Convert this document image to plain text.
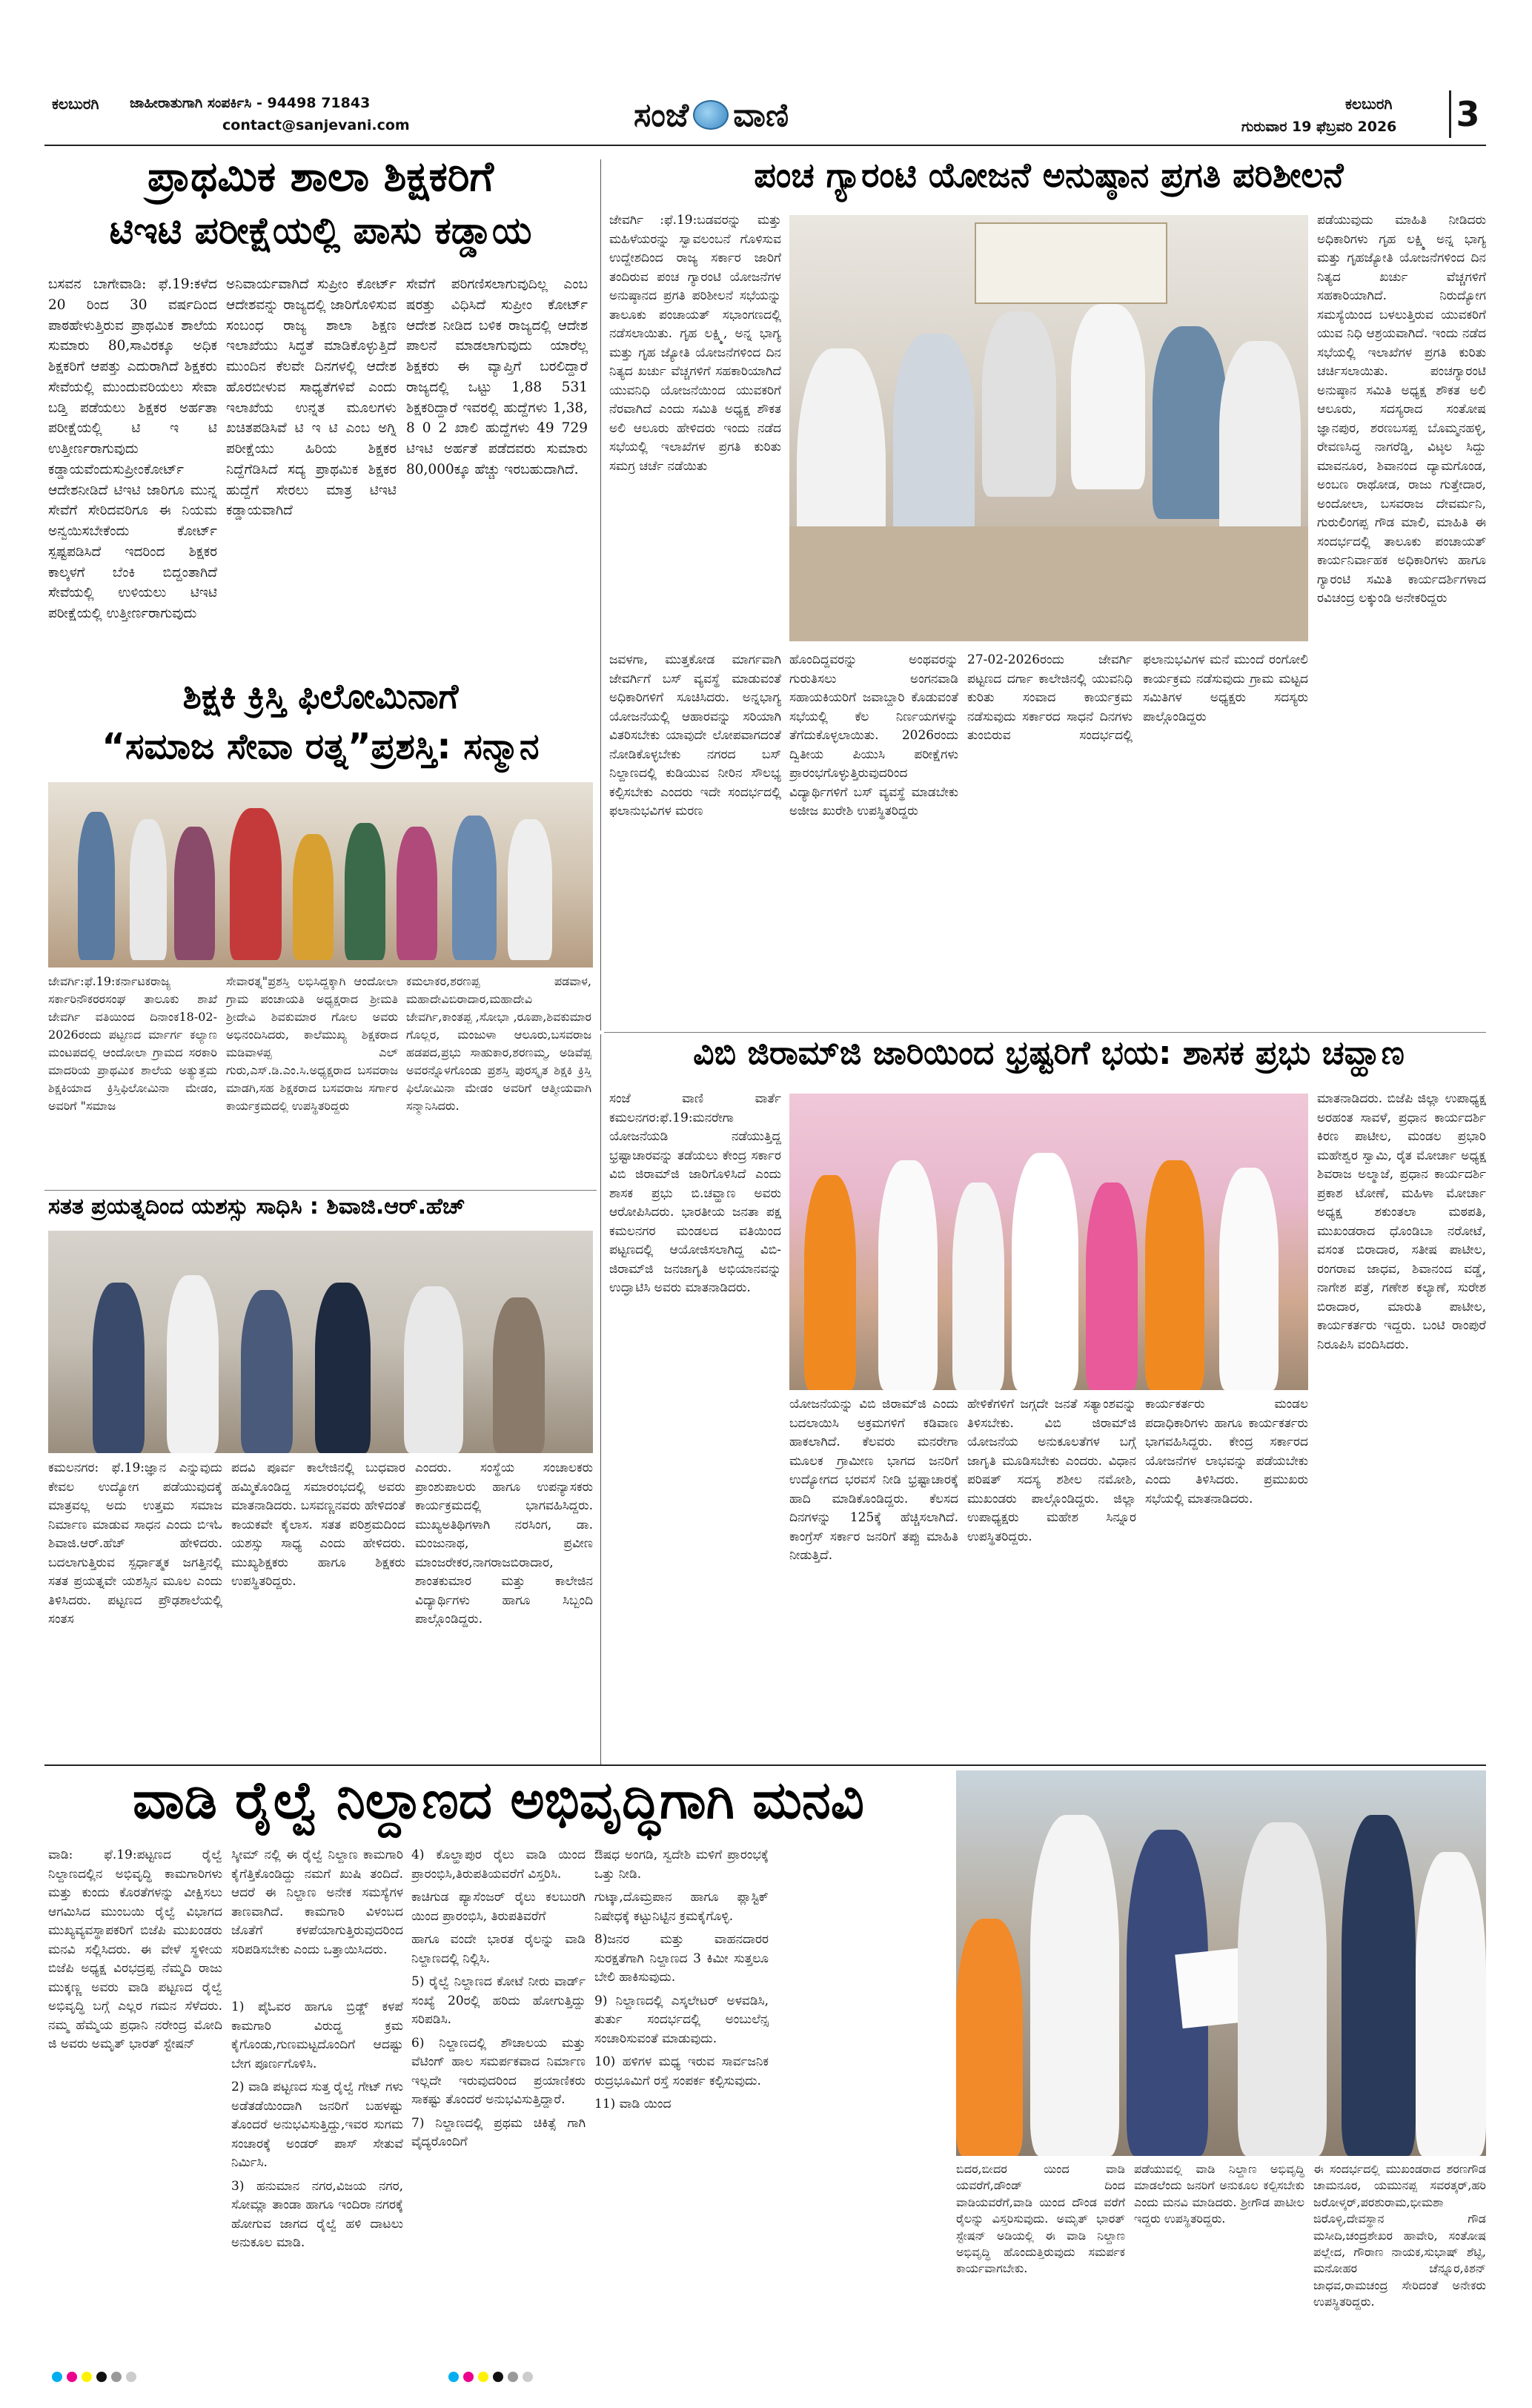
ಕಲಬುರಗಿ ಜಾಹೀರಾತುಗಾಗಿ ಸಂಪರ್ಕಿಸಿ - 94498 71843
contact@sanjevani.com	ಸಂಜೆ ವಾಣಿ	ಕಲಬುರಗಿ
ಗುರುವಾರ 19 ಫೆಬ್ರವರಿ 2026 3
ಪ್ರಾಥಮಿಕ ಶಾಲಾ ಶಿಕ್ಷಕರಿಗೆ
ಟಿಇಟಿ ಪರೀಕ್ಷೆಯಲ್ಲಿ ಪಾಸು ಕಡ್ಡಾಯ
ಬಸವನ ಬಾಗೇವಾಡಿ: ಫೆ.19:ಕಳೆದ 20 ರಿಂದ 30 ವರ್ಷದಿಂದ ಪಾಠಹೇಳುತ್ತಿರುವ ಪ್ರಾಥಮಿಕ ಶಾಲೆಯ ಸುಮಾರು 80,ಸಾವಿರಕ್ಕೂ ಅಧಿಕ ಶಿಕ್ಷಕರಿಗೆ ಆಪತ್ತು ಎದುರಾಗಿದೆ ಶಿಕ್ಷಕರು ಸೇವೆಯಲ್ಲಿ ಮುಂದುವರಿಯಲು ಸೇವಾ ಬಡ್ತಿ ಪಡೆಯಲು ಶಿಕ್ಷಕರ ಅರ್ಹತಾ ಪರೀಕ್ಷೆಯಲ್ಲಿ ಟಿ ಇ ಟಿ ಉತ್ತೀರ್ಣರಾಗುವುದು ಕಡ್ಡಾಯವೆಂದುಸುಪ್ರೀಂಕೋರ್ಟ್ ಆದೇಶನೀಡಿದೆ ಟಿಇಟಿ ಜಾರಿಗೂ ಮುನ್ನ ಸೇವೆಗೆ ಸೇರಿದವರಿಗೂ ಈ ನಿಯಮ ಅನ್ವಯಿಸಬೇಕೆಂದು ಕೋರ್ಟ್ ಸ್ಪಷ್ಟಪಡಿಸಿದೆ ಇದರಿಂದ ಶಿಕ್ಷಕರ ಕಾಲ್ಕಳಗೆ ಬೆಂಕಿ ಬಿದ್ದಂತಾಗಿದೆ ಸೇವೆಯಲ್ಲಿ ಉಳಿಯಲು ಟಿಇಟಿ ಪರೀಕ್ಷೆಯಲ್ಲಿ ಉತ್ತೀರ್ಣರಾಗುವುದು
ಅನಿವಾರ್ಯವಾಗಿದೆ ಸುಪ್ರೀಂ ಕೋರ್ಟ್ ಆದೇಶವನ್ನು ರಾಜ್ಯದಲ್ಲಿ ಜಾರಿಗೊಳಿಸುವ ಸಂಬಂಧ ರಾಜ್ಯ ಶಾಲಾ ಶಿಕ್ಷಣ ಇಲಾಖೆಯು ಸಿದ್ಧತೆ ಮಾಡಿಕೊಳ್ಳುತ್ತಿದೆ ಮುಂದಿನ ಕೆಲವೇ ದಿನಗಳಲ್ಲಿ ಆದೇಶ ಹೊರಬೀಳುವ ಸಾಧ್ಯತೆಗಳಿವೆ ಎಂದು ಇಲಾಖೆಯ ಉನ್ನತ ಮೂಲಗಳು ಖಚಿತಪಡಿಸಿವೆ ಟಿ ಇ ಟಿ ಎಂಬ ಅಗ್ನಿ ಪರೀಕ್ಷೆಯು ಹಿರಿಯ ಶಿಕ್ಷಕರ ನಿದ್ದೆಗೆಡಿಸಿದೆ ಸದ್ಯ ಪ್ರಾಥಮಿಕ ಶಿಕ್ಷಕರ ಹುದ್ದೆಗೆ ಸೇರಲು ಮಾತ್ರ ಟಿಇಟಿ ಕಡ್ಡಾಯವಾಗಿದೆ
ಸೇವೆಗೆ ಪರಿಗಣಿಸಲಾಗುವುದಿಲ್ಲ ಎಂಬ ಷರತ್ತು ವಿಧಿಸಿದೆ ಸುಪ್ರೀಂ ಕೋರ್ಟ್ ಆದೇಶ ನೀಡಿದ ಬಳಿಕ ರಾಜ್ಯದಲ್ಲಿ ಆದೇಶ ಪಾಲನೆ ಮಾಡಲಾಗುವುದು ಯಾರೆಲ್ಲ ಶಿಕ್ಷಕರು ಈ ವ್ಯಾಪ್ತಿಗೆ ಬರಲಿದ್ದಾರೆ ರಾಜ್ಯದಲ್ಲಿ ಒಟ್ಟು 1,88 531 ಶಿಕ್ಷಕರಿದ್ದಾರೆ ಇವರಲ್ಲಿ ಹುದ್ದೆಗಳು 1,38, 8 0 2 ಖಾಲಿ ಹುದ್ದೆಗಳು 49 729 ಟಿಇಟಿ ಅರ್ಹತೆ ಪಡೆದವರು ಸುಮಾರು 80,000ಕ್ಕೂ ಹೆಚ್ಚು ಇರಬಹುದಾಗಿದೆ.
ಶಿಕ್ಷಕಿ ಕ್ರಿಸ್ತಿ ಫಿಲೋಮಿನಾಗೆ
“ಸಮಾಜ ಸೇವಾ ರತ್ನ”ಪ್ರಶಸ್ತಿ: ಸನ್ಮಾನ
ಜೇವರ್ಗಿ:ಫೆ.19:ಕರ್ನಾಟಕರಾಜ್ಯ ಸರ್ಕಾರಿನೌಕರರಸಂಘ ತಾಲೂಕು ಶಾಖೆ ಜೇವರ್ಗಿ ವತಿಯಿಂದ ದಿನಾಂಕ18-02-2026ರಂದು ಪಟ್ಟಣದ ರ್ಮಾರ್ಗ ಕಲ್ಯಾಣ ಮಂಟಪದಲ್ಲಿ ಆಂದೋಲಾ ಗ್ರಾಮದ ಸರಕಾರಿ ಮಾದರಿಯ ಪ್ರಾಥಮಿಕ ಶಾಲೆಯ ಅತ್ಯುತ್ತಮ ಶಿಕ್ಷಕಿಯಾದ ಕ್ರಿಸ್ತಿಫಿಲೋಮಿನಾ ಮೇಡಂ, ಅವರಿಗೆ "ಸಮಾಜ
ಸೇವಾರತ್ನ"ಪ್ರಶಸ್ತಿ ಲಭಿಸಿದ್ದಕ್ಕಾಗಿ ಆಂದೋಲಾ ಗ್ರಾಮ ಪಂಚಾಯತಿ ಅಧ್ಯಕ್ಷರಾದ ಶ್ರೀಮತಿ ಶ್ರೀದೇವಿ ಶಿವಕುಮಾರ ಗೋಲ ಅವರು ಅಭಿನಂದಿಸಿದರು, ಕಾಲೆಮುಖ್ಯ ಶಿಕ್ಷಕರಾದ ಮಡಿವಾಳಪ್ಪ ಎಲ್ ಗುರು,ಎಸ್.ಡಿ.ಎಂ.ಸಿ.ಅಧ್ಯಕ್ಷರಾದ ಬಸವರಾಜ ಮಾಡಗಿ,ಸಹ ಶಿಕ್ಷಕರಾದ ಬಸವರಾಜ ಸರ್ಗಾರ ಕಾರ್ಯಕ್ರಮದಲ್ಲಿ ಉಪಸ್ಥಿತರಿದ್ದರು
ಕಮಲಾಕರ,ಶರಣಪ್ಪ ಪಡವಾಳ, ಮಹಾದೇವಿಬಿರಾದಾರ,ಮಹಾದೇವಿ ಜೇವರ್ಗಿ,ಕಾಂತಪ್ಪ ,ಸೋಭಾ ,ರೂಪಾ,ಶಿವಕುಮಾರ ಗೊಲ್ಲರ, ಮಂಜುಳಾ ಆಲೂರು,ಬಸವರಾಜ ಹಡಪದ,ಪ್ರಭು ಸಾಹುಕಾರ,ಶರಣಮ್ಮ, ಅಡಿವೆಪ್ಪ ಅವರನ್ನೊಳಗೊಂಡು ಪ್ರಶಸ್ತಿ ಪುರಸ್ಕೃತ ಶಿಕ್ಷಕಿ ಕ್ರಿಸ್ತಿ ಫಿಲೋಮಿನಾ ಮೇಡಂ ಅವರಿಗೆ ಆತ್ಮೀಯವಾಗಿ ಸನ್ಮಾನಿಸಿದರು.
ಸತತ ಪ್ರಯತ್ನದಿಂದ ಯಶಸ್ಸು ಸಾಧಿಸಿ : ಶಿವಾಜಿ.ಆರ್.ಹೆಚ್
ಕಮಲನಗರ: ಫೆ.19:ಜ್ಞಾನ ಎನ್ನುವುದು ಕೇವಲ ಉದ್ಯೋಗ ಪಡೆಯುವುದಕ್ಕೆ ಮಾತ್ರವಲ್ಲ ಅದು ಉತ್ತಮ ಸಮಾಜ ನಿರ್ಮಾಣ ಮಾಡುವ ಸಾಧನ ಎಂದು ಬಿಇಓ ಶಿವಾಜಿ.ಆರ್.ಹೆಚ್ ಹೇಳಿದರು. ಬದಲಾಗುತ್ತಿರುವ ಸ್ಪರ್ಧಾತ್ಮಕ ಜಗತ್ತಿನಲ್ಲಿ ಸತತ ಪ್ರಯತ್ನವೇ ಯಶಸ್ಸಿನ ಮೂಲ ಎಂದು ತಿಳಿಸಿದರು. ಪಟ್ಟಣದ ಪ್ರೌಢಶಾಲೆಯಲ್ಲಿ ಸಂತಸ
ಪದವಿ ಪೂರ್ವ ಕಾಲೇಜಿನಲ್ಲಿ ಬುಧವಾರ ಹಮ್ಮಿಕೊಂಡಿದ್ದ ಸಮಾರಂಭದಲ್ಲಿ ಅವರು ಮಾತನಾಡಿದರು. ಬಸವಣ್ಣನವರು ಹೇಳಿದಂತೆ ಕಾಯಕವೇ ಕೈಲಾಸ. ಸತತ ಪರಿಶ್ರಮದಿಂದ ಯಶಸ್ಸು ಸಾಧ್ಯ ಎಂದು ಹೇಳಿದರು. ಮುಖ್ಯಶಿಕ್ಷಕರು ಹಾಗೂ ಶಿಕ್ಷಕರು ಉಪಸ್ಥಿತರಿದ್ದರು.
ಎಂದರು. ಸಂಸ್ಥೆಯ ಸಂಚಾಲಕರು ಪ್ರಾಂಶುಪಾಲರು ಹಾಗೂ ಉಪನ್ಯಾಸಕರು ಕಾರ್ಯಕ್ರಮದಲ್ಲಿ ಭಾಗವಹಿಸಿದ್ದರು. ಮುಖ್ಯಅತಿಥಿಗಳಾಗಿ ನರಸಿಂಗ, ಡಾ. ಮಂಜುನಾಥ, ಪ್ರವೀಣ ಮಾಂಜರೇಕರ,ನಾಗರಾಜಬಿರಾದಾರ, ಶಾಂತಕುಮಾರ ಮತ್ತು ಕಾಲೇಜಿನ ವಿದ್ಯಾರ್ಥಿಗಳು ಹಾಗೂ ಸಿಬ್ಬಂದಿ ಪಾಲ್ಗೊಂಡಿದ್ದರು.
ಪಂಚ ಗ್ಯಾರಂಟಿ ಯೋಜನೆ ಅನುಷ್ಠಾನ ಪ್ರಗತಿ ಪರಿಶೀಲನೆ
ಜೇವರ್ಗಿ :ಫೆ.19:ಬಡವರನ್ನು ಮತ್ತು ಮಹಿಳೆಯರನ್ನು ಸ್ವಾವಲಂಬನೆ ಗೊಳಿಸುವ ಉದ್ದೇಶದಿಂದ ರಾಜ್ಯ ಸರ್ಕಾರ ಜಾರಿಗೆ ತಂದಿರುವ ಪಂಚ ಗ್ಯಾರಂಟಿ ಯೋಜನೆಗಳ ಅನುಷ್ಠಾನದ ಪ್ರಗತಿ ಪರಿಶೀಲನೆ ಸಭೆಯನ್ನು ತಾಲೂಕು ಪಂಚಾಯತ್ ಸಭಾಂಗಣದಲ್ಲಿ ನಡೆಸಲಾಯಿತು. ಗೃಹ ಲಕ್ಷ್ಮಿ, ಅನ್ನ ಭಾಗ್ಯ ಮತ್ತು ಗೃಹ ಜ್ಯೋತಿ ಯೋಜನೆಗಳಿಂದ ದಿನ ನಿತ್ಯದ ಖರ್ಚು ವೆಚ್ಚಗಳಿಗೆ ಸಹಕಾರಿಯಾಗಿದೆ ಯುವನಿಧಿ ಯೋಜನೆಯಿಂದ ಯುವಕರಿಗೆ ನೆರವಾಗಿದೆ ಎಂದು ಸಮಿತಿ ಅಧ್ಯಕ್ಷ ಶೌಕತ ಅಲಿ ಆಲೂರು ಹೇಳಿದರು ಇಂದು ನಡೆದ ಸಭೆಯಲ್ಲಿ ಇಲಾಖೆಗಳ ಪ್ರಗತಿ ಕುರಿತು ಸಮಗ್ರ ಚರ್ಚೆ ನಡೆಯಿತು
ಪಡೆಯುವುದು ಮಾಹಿತಿ ನೀಡಿದರು ಅಧಿಕಾರಿಗಳು ಗೃಹ ಲಕ್ಷ್ಮಿ ಅನ್ನ ಭಾಗ್ಯ ಮತ್ತು ಗೃಹಜ್ಯೋತಿ ಯೋಜನೆಗಳಿಂದ ದಿನ ನಿತ್ಯದ ಖರ್ಚು ವೆಚ್ಚಗಳಿಗೆ ಸಹಕಾರಿಯಾಗಿದೆ. ನಿರುದ್ಯೋಗ ಸಮಸ್ಯೆಯಿಂದ ಬಳಲುತ್ತಿರುವ ಯುವಕರಿಗೆ ಯುವ ನಿಧಿ ಆಶ್ರಯವಾಗಿದೆ. ಇಂದು ನಡೆದ ಸಭೆಯಲ್ಲಿ ಇಲಾಖೆಗಳ ಪ್ರಗತಿ ಕುರಿತು ಚರ್ಚಿಸಲಾಯಿತು. ಪಂಚಗ್ಯಾರಂಟಿ ಅನುಷ್ಠಾನ ಸಮಿತಿ ಅಧ್ಯಕ್ಷ ಶೌಕತ ಅಲಿ ಆಲೂರು, ಸದಸ್ಯರಾದ ಸಂತೋಷ ಜ್ಞಾನಪುರ, ಶರಣಬಸಪ್ಪ ಬೊಮ್ಮನಹಳ್ಳಿ, ರೇವಣಸಿದ್ಧ ನಾಗರೆಡ್ಡಿ, ವಿಟ್ಠಲ ಸಿದ್ದು ಮಾವನೂರ, ಶಿವಾನಂದ ದ್ಯಾಮಗೊಂಡ, ಅಂಬಣ ರಾಥೋಡ, ರಾಜು ಗುತ್ತೇದಾರ, ಅಂದೋಲಾ, ಬಸವರಾಜ ದೇವರ್ಮನಿ, ಗುರುಲಿಂಗಪ್ಪ ಗೌಡ ಮಾಲಿ, ಮಾಹಿತಿ ಈ ಸಂದರ್ಭದಲ್ಲಿ ತಾಲೂಕು ಪಂಚಾಯತ್ ಕಾರ್ಯನಿರ್ವಾಹಕ ಅಧಿಕಾರಿಗಳು ಹಾಗೂ ಗ್ಯಾರಂಟಿ ಸಮಿತಿ ಕಾರ್ಯದರ್ಶಿಗಳಾದ ರವಿಚಂದ್ರ ಲಕ್ಕುಂಡಿ ಅನೇಕರಿದ್ದರು
ಜವಳಗಾ, ಮುತ್ತಕೋಡ ಮಾರ್ಗವಾಗಿ ಜೇವರ್ಗಿಗೆ ಬಸ್ ವ್ಯವಸ್ಥೆ ಮಾಡುವಂತೆ ಅಧಿಕಾರಿಗಳಿಗೆ ಸೂಚಿಸಿದರು. ಅನ್ನಭಾಗ್ಯ ಯೋಜನೆಯಲ್ಲಿ ಆಹಾರವನ್ನು ಸರಿಯಾಗಿ ವಿತರಿಸಬೇಕು ಯಾವುದೇ ಲೋಪವಾಗದಂತೆ ನೋಡಿಕೊಳ್ಳಬೇಕು ನಗರದ ಬಸ್ ನಿಲ್ದಾಣದಲ್ಲಿ ಕುಡಿಯುವ ನೀರಿನ ಸೌಲಭ್ಯ ಕಲ್ಪಿಸಬೇಕು ಎಂದರು ಇದೇ ಸಂದರ್ಭದಲ್ಲಿ ಫಲಾನುಭವಿಗಳ ಮರಣ
ಹೊಂದಿದ್ದವರನ್ನು ಅಂಥವರನ್ನು ಗುರುತಿಸಲು ಅಂಗನವಾಡಿ ಸಹಾಯಕಿಯರಿಗೆ ಜವಾಬ್ದಾರಿ ಕೊಡುವಂತೆ ಸಭೆಯಲ್ಲಿ ಕೆಲ ನಿರ್ಣಯಗಳನ್ನು ತೆಗೆದುಕೊಳ್ಳಲಾಯಿತು. 2026ರಂದು ದ್ವಿತೀಯ ಪಿಯುಸಿ ಪರೀಕ್ಷೆಗಳು ಪ್ರಾರಂಭಗೊಳ್ಳುತ್ತಿರುವುದರಿಂದ ವಿದ್ಯಾರ್ಥಿಗಳಿಗೆ ಬಸ್ ವ್ಯವಸ್ಥೆ ಮಾಡಬೇಕು ಅಜೀಜ ಖುರೇಶಿ ಉಪಸ್ಥಿತರಿದ್ದರು
27-02-2026ರಂದು ಜೇವರ್ಗಿ ಪಟ್ಟಣದ ದರ್ಗಾ ಕಾಲೇಜಿನಲ್ಲಿ ಯುವನಿಧಿ ಕುರಿತು ಸಂವಾದ ಕಾರ್ಯಕ್ರಮ ನಡೆಸುವುದು ಸರ್ಕಾರದ ಸಾಧನೆ ದಿನಗಳು ತುಂಬಿರುವ ಸಂದರ್ಭದಲ್ಲಿ ಫಲಾನುಭವಿಗಳ ಮನೆ ಮುಂದೆ ರಂಗೋಲಿ ಕಾರ್ಯಕ್ರಮ ನಡೆಸುವುದು ಗ್ರಾಮ ಮಟ್ಟದ ಸಮಿತಿಗಳ ಅಧ್ಯಕ್ಷರು ಸದಸ್ಯರು ಪಾಲ್ಗೊಂಡಿದ್ದರು
ವಿಬಿ ಜಿರಾಮ್‌ಜಿ ಜಾರಿಯಿಂದ ಭ್ರಷ್ಟರಿಗೆ ಭಯ: ಶಾಸಕ ಪ್ರಭು ಚವ್ಹಾಣ
ಸಂಜೆ ವಾಣಿ ವಾರ್ತೆ ಕಮಲನಗರ:ಫೆ.19:ಮನರೇಗಾ ಯೋಜನೆಯಡಿ ನಡೆಯುತ್ತಿದ್ದ ಭ್ರಷ್ಟಾಚಾರವನ್ನು ತಡೆಯಲು ಕೇಂದ್ರ ಸರ್ಕಾರ ವಿಬಿ ಜಿರಾಮ್‌ಜಿ ಜಾರಿಗೊಳಿಸಿದೆ ಎಂದು ಶಾಸಕ ಪ್ರಭು ಬಿ.ಚವ್ಹಾಣ ಅವರು ಆರೋಪಿಸಿದರು. ಭಾರತೀಯ ಜನತಾ ಪಕ್ಷ ಕಮಲನಗರ ಮಂಡಲದ ವತಿಯಿಂದ ಪಟ್ಟಣದಲ್ಲಿ ಆಯೋಜಿಸಲಾಗಿದ್ದ ವಿಬಿ-ಜಿರಾಮ್‌ಜಿ ಜನಜಾಗೃತಿ ಅಭಿಯಾನವನ್ನು ಉದ್ಘಾಟಿಸಿ ಅವರು ಮಾತನಾಡಿದರು.
ಯೋಜನೆಯನ್ನು ವಿಬಿ ಜಿರಾಮ್‌ಜಿ ಎಂದು ಬದಲಾಯಿಸಿ ಅಕ್ರಮಗಳಿಗೆ ಕಡಿವಾಣ ಹಾಕಲಾಗಿದೆ. ಕೆಲವರು ಮನರೇಗಾ ಮೂಲಕ ಗ್ರಾಮೀಣ ಭಾಗದ ಜನರಿಗೆ ಉದ್ಯೋಗದ ಭರವಸೆ ನೀಡಿ ಭ್ರಷ್ಟಾಚಾರಕ್ಕೆ ಹಾದಿ ಮಾಡಿಕೊಂಡಿದ್ದರು. ಕೆಲಸದ ದಿನಗಳನ್ನು 125ಕ್ಕೆ ಹೆಚ್ಚಿಸಲಾಗಿದೆ. ಕಾಂಗ್ರೆಸ್ ಸರ್ಕಾರ ಜನರಿಗೆ ತಪ್ಪು ಮಾಹಿತಿ ನೀಡುತ್ತಿದೆ.
ಹೇಳಿಕೆಗಳಿಗೆ ಜಗ್ಗದೇ ಜನತೆ ಸತ್ಯಾಂಶವನ್ನು ತಿಳಿಸಬೇಕು. ವಿಬಿ ಜಿರಾಮ್‌ಜಿ ಯೋಜನೆಯ ಅನುಕೂಲತೆಗಳ ಬಗ್ಗೆ ಜಾಗೃತಿ ಮೂಡಿಸಬೇಕು ಎಂದರು. ವಿಧಾನ ಪರಿಷತ್ ಸದಸ್ಯ ಶಶೀಲ ನಮೋಶಿ, ಮುಖಂಡರು ಪಾಲ್ಗೊಂಡಿದ್ದರು. ಜಿಲ್ಲಾ ಉಪಾಧ್ಯಕ್ಷರು ಮಹೇಶ ಸಿನ್ನೂರ ಉಪಸ್ಥಿತರಿದ್ದರು.
ಕಾರ್ಯಕರ್ತರು ಮಂಡಲ ಪದಾಧಿಕಾರಿಗಳು ಹಾಗೂ ಕಾರ್ಯಕರ್ತರು ಭಾಗವಹಿಸಿದ್ದರು. ಕೇಂದ್ರ ಸರ್ಕಾರದ ಯೋಜನೆಗಳ ಲಾಭವನ್ನು ಪಡೆಯಬೇಕು ಎಂದು ತಿಳಿಸಿದರು. ಪ್ರಮುಖರು ಸಭೆಯಲ್ಲಿ ಮಾತನಾಡಿದರು.
ಮಾತನಾಡಿದರು. ಬಿಜೆಪಿ ಜಿಲ್ಲಾ ಉಪಾಧ್ಯಕ್ಷ ಅರಹಂತ ಸಾವಳೆ, ಪ್ರಧಾನ ಕಾರ್ಯದರ್ಶಿ ಕಿರಣ ಪಾಟೀಲ, ಮಂಡಲ ಪ್ರಭಾರಿ ಮಹೇಶ್ವರ ಸ್ವಾಮಿ, ರೈತ ಮೋರ್ಚಾ ಅಧ್ಯಕ್ಷ ಶಿವರಾಜ ಅಲ್ಮಾಜೆ, ಪ್ರಧಾನ ಕಾರ್ಯದರ್ಶಿ ಪ್ರಕಾಶ ಟೋಣೆ, ಮಹಿಳಾ ಮೋರ್ಚಾ ಅಧ್ಯಕ್ಷ ಶಕುಂತಲಾ ಮಠಪತಿ, ಮುಖಂಡರಾದ ಧೊಂಡಿಬಾ ನರೋಟೆ, ವಸಂತ ಬಿರಾದಾರ, ಸತೀಷ ಪಾಟೀಲ, ರಂಗರಾವ ಜಾಧವ, ಶಿವಾನಂದ ವಡ್ಡೆ, ನಾಗೇಶ ಪತ್ರೆ, ಗಣೇಶ ಕಲ್ಯಾಣೆ, ಸುರೇಶ ಬಿರಾದಾರ, ಮಾರುತಿ ಪಾಟೀಲ, ಕಾರ್ಯಕರ್ತರು ಇದ್ದರು. ಬಂಟಿ ರಾಂಪುರೆ ನಿರೂಪಿಸಿ ವಂದಿಸಿದರು.
ವಾಡಿ ರೈಲ್ವೆ ನಿಲ್ದಾಣದ ಅಭಿವೃದ್ಧಿಗಾಗಿ ಮನವಿ
ವಾಡಿ: ಫೆ.19:ಪಟ್ಟಣದ ರೈಲ್ವೆ ನಿಲ್ದಾಣದಲ್ಲಿನ ಅಭಿವೃದ್ಧಿ ಕಾಮಗಾರಿಗಳು ಮತ್ತು ಕುಂದು ಕೊರತೆಗಳನ್ನು ವೀಕ್ಷಿಸಲು ಆಗಮಿಸಿದ ಮುಂಬಯಿ ರೈಲ್ವೆ ವಿಭಾಗದ ಮುಖ್ಯವ್ಯವಸ್ಥಾಪಕರಿಗೆ ಬಿಜೆಪಿ ಮುಖಂಡರು ಮನವಿ ಸಲ್ಲಿಸಿದರು. ಈ ವೇಳೆ ಸ್ಥಳೀಯ ಬಿಜೆಪಿ ಅಧ್ಯಕ್ಷ ವಿರಭದ್ರಪ್ಪ ನೆಮ್ಮದಿ ರಾಜು ಮುಕ್ಕಣ್ಣ ಅವರು ವಾಡಿ ಪಟ್ಟಣದ ರೈಲ್ವೆ ಅಭಿವೃದ್ಧಿ ಬಗ್ಗೆ ಎಲ್ಲರ ಗಮನ ಸೆಳೆದರು. ನಮ್ಮ ಹೆಮ್ಮೆಯ ಪ್ರಧಾನಿ ನರೇಂದ್ರ ಮೋದಿ ಜಿ ಅವರು ಅಮೃತ್ ಭಾರತ್ ಸ್ಟೇಷನ್
ಸ್ಕೀಮ್ ನಲ್ಲಿ ಈ ರೈಲ್ವೆ ನಿಲ್ದಾಣ ಕಾಮಗಾರಿ ಕೈಗೆತ್ತಿಕೊಂಡಿದ್ದು ನಮಗೆ ಖುಷಿ ತಂದಿದೆ. ಆದರೆ ಈ ನಿಲ್ದಾಣ ಅನೇಕ ಸಮಸ್ಯೆಗಳ ತಾಣವಾಗಿದೆ. ಕಾಮಗಾರಿ ವಿಳಂಬದ ಜೊತೆಗೆ ಕಳಪೆಯಾಗುತ್ತಿರುವುದರಿಂದ ಸರಿಪಡಿಸಬೇಕು ಎಂದು ಒತ್ತಾಯಿಸಿದರು.

1) ಪೈಓವರ ಹಾಗೂ ಬ್ರಿಡ್ಜ್ ಕಳಪೆ ಕಾಮಗಾರಿ ವಿರುದ್ಧ ಕ್ರಮ ಕೈಗೊಂಡು,ಗುಣಮಟ್ಟದೊಂದಿಗೆ ಆದಷ್ಟು ಬೇಗ ಪೂರ್ಣಗೊಳಿಸಿ.

2) ವಾಡಿ ಪಟ್ಟಣದ ಸುತ್ತ ರೈಲ್ವೆ ಗೇಟ್ ಗಳು ಅಡೆತಡೆಯಿಂದಾಗಿ ಜನರಿಗೆ ಬಹಳಷ್ಟು ತೊಂದರೆ ಅನುಭವಿಸುತ್ತಿದ್ದು,ಇವರ ಸುಗಮ ಸಂಚಾರಕ್ಕೆ ಅಂಡರ್ ಪಾಸ್ ಸೇತುವೆ ನಿರ್ಮಿಸಿ.

3) ಹನುಮಾನ ನಗರ,ವಿಜಯ ನಗರ, ಸೋಮ್ಲಾ ತಾಂಡಾ ಹಾಗೂ ಇಂದಿರಾ ನಗರಕ್ಕೆ ಹೋಗುವ ಜಾಗದ ರೈಲ್ವೆ ಹಳಿ ದಾಟಲು ಅನುಕೂಲ ಮಾಡಿ.

4) ಕೊಲ್ಹಾಪುರ ರೈಲು ವಾಡಿ ಯಿಂದ ಪ್ರಾರಂಭಿಸಿ,ತಿರುಪತಿಯವರೆಗೆ ವಿಸ್ತರಿಸಿ.

ಕಾಚಿಗುಡ ಪ್ಯಾಸೆಂಜರ್ ರೈಲು ಕಲಬುರಗಿ ಯಿಂದ ಪ್ರಾರಂಭಿಸಿ, ತಿರುಪತಿವರೆಗೆ

ಹಾಗೂ ವಂದೇ ಭಾರತ ರೈಲನ್ನು ವಾಡಿ ನಿಲ್ದಾಣದಲ್ಲಿ ನಿಲ್ಲಿಸಿ.

5) ರೈಲ್ವೆ ನಿಲ್ದಾಣದ ಕೋಟೆ ನೀರು ವಾರ್ಡ್ ಸಂಖ್ಯೆ 20ರಲ್ಲಿ ಹರಿದು ಹೋಗುತ್ತಿದ್ದು ಸರಿಪಡಿಸಿ.

6) ನಿಲ್ದಾಣದಲ್ಲಿ ಶೌಚಾಲಯ ಮತ್ತು ವೆಟಿಂಗ್ ಹಾಲ ಸಮರ್ಪಕವಾದ ನಿರ್ಮಾಣ ಇಲ್ಲದೇ ಇರುವುದರಿಂದ ಪ್ರಯಾಣಿಕರು ಸಾಕಷ್ಟು ತೊಂದರೆ ಅನುಭವಿಸುತ್ತಿದ್ದಾರೆ.

7) ನಿಲ್ದಾಣದಲ್ಲಿ ಪ್ರಥಮ ಚಿಕಿತ್ಸೆ ಗಾಗಿ ವೈದ್ಯರೊಂದಿಗೆ

ಔಷಧ ಅಂಗಡಿ, ಸ್ವದೇಶಿ ಮಳಿಗೆ ಪ್ರಾರಂಭಕ್ಕೆ ಒತ್ತು ನೀಡಿ.

ಗುಟ್ಕಾ,ದೊಮ್ರಪಾನ ಹಾಗೂ ಪ್ಲಾಸ್ಟಿಕ್ ನಿಷೇಧಕ್ಕೆ ಕಟ್ಟುನಿಟ್ಟಿನ ಕ್ರಮಕೈಗೊಳ್ಳಿ.

8)ಜನರ ಮತ್ತು ವಾಹನದಾರರ ಸುರಕ್ಷತೆಗಾಗಿ ನಿಲ್ದಾಣದ 3 ಕಿಮೀ ಸುತ್ತಲೂ ಬೇಲಿ ಹಾಕಿಸುವುದು.

9) ನಿಲ್ದಾಣದಲ್ಲಿ ಎಸ್ಕಲೇಟರ್ ಅಳವಡಿಸಿ, ತುರ್ತು ಸಂದರ್ಭದಲ್ಲಿ ಅಂಬುಲೆನ್ಸ ಸಂಚಾರಿಸುವಂತೆ ಮಾಡುವುದು.

10) ಹಳಿಗಳ ಮಧ್ಯ ಇರುವ ಸಾರ್ವಜನಿಕ ರುದ್ರಭೂಮಿಗೆ ರಸ್ತೆ ಸಂಪರ್ಕ ಕಲ್ಪಿಸುವುದು.

11) ವಾಡಿ ಯಿಂದ

ಬಿದರ,ಬೀದರ ಯಿಂದ ವಾಡಿ ಯವರೆಗೆ,ಡೌಂಡ್ ದಿಂದ ವಾಡಿಯವರೆಗೆ,ವಾಡಿ ಯಿಂದ ದೌಂಡ ವರೆಗೆ ರೈಲನ್ನು ವಿಸ್ತರಿಸುವುದು. ಅಮೃತ್ ಭಾರತ್ ಸ್ಟೇಷನ್ ಅಡಿಯಲ್ಲಿ ಈ ವಾಡಿ ನಿಲ್ದಾಣ ಅಭಿವೃದ್ಧಿ ಹೊಂದುತ್ತಿರುವುದು ಸಮರ್ಪಕ ಕಾರ್ಯವಾಗಬೇಕು.
ಪಡೆಯುವಲ್ಲಿ ವಾಡಿ ನಿಲ್ದಾಣ ಅಭಿವೃದ್ಧಿ ಮಾಡಲೆಂದು ಜನರಿಗೆ ಅನುಕೂಲ ಕಲ್ಪಿಸಬೇಕು ಎಂದು ಮನವಿ ಮಾಡಿದರು. ಶ್ರೀಗೌಡ ಪಾಟೀಲ ಇದ್ದರು ಉಪಸ್ಥಿತರಿದ್ದರು.
ಈ ಸಂದರ್ಭದಲ್ಲಿ ಮುಖಂಡರಾದ ಶರಣಗೌಡ ಚಾಮನೂರ, ಯಮುನಪ್ಪ ಸವರತ್ಕರ್,ಹರಿ ಜರೋಳ್ಕರ್,ಪರಶುರಾಮ,ಭೀಮಶಾ ಜಿರೊಳ್ಳಿ,ದೇವಸ್ಥಾನ ಗೌಡ ಮಸೀದಿ,ಚಂದ್ರಶೇಖರ ಹಾವೇರಿ, ಸಂತೋಷ ಪಲ್ಲೇದ, ಗೌರಾಣ ನಾಯಕ,ಸುಭಾಷ್ ಶೆಟ್ಟಿ, ಮನೋಹರ ಚೆನ್ನೂರ,ಕಿಶನ್ ಜಾಧವ,ರಾಮಚಂದ್ರ ಸೇರಿದಂತೆ ಅನೇಕರು ಉಪಸ್ಥಿತರಿದ್ದರು.
